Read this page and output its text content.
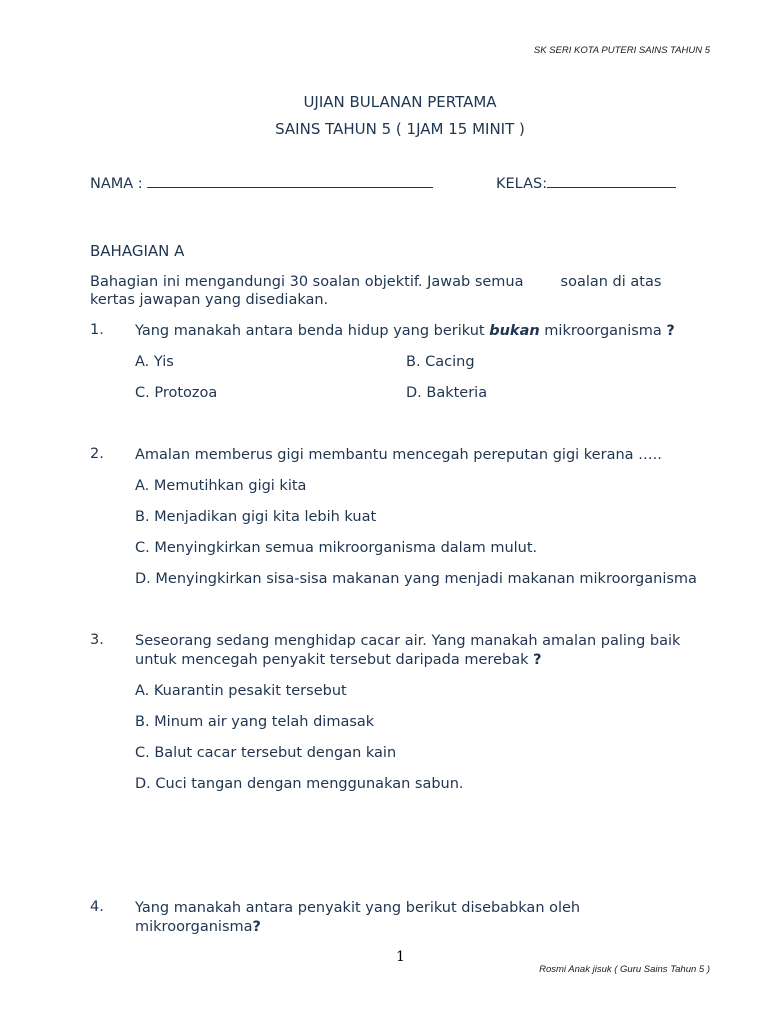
SK SERI KOTA PUTERI SAINS TAHUN 5
UJIAN BULANAN PERTAMA
SAINS TAHUN 5 ( 1JAM 15 MINIT )
NAMA :	KELAS:
BAHAGIAN A
Bahagian ini mengandungi 30 soalan objektif. Jawab semua	soalan di atas
kertas jawapan yang disediakan.
1. Yang manakah antara benda hidup yang berikut bukan mikroorganisma ?
A. Yis	B. Cacing
C. Protozoa	D. Bakteria
2. Amalan memberus gigi membantu mencegah pereputan gigi kerana …..
A. Memutihkan gigi kita
B. Menjadikan gigi kita lebih kuat
C. Menyingkirkan semua mikroorganisma dalam mulut.
D. Menyingkirkan sisa-sisa makanan yang menjadi makanan mikroorganisma
3. Seseorang sedang menghidap cacar air. Yang manakah amalan paling baik
untuk mencegah penyakit tersebut daripada merebak ?
A. Kuarantin pesakit tersebut
B. Minum air yang telah dimasak
C. Balut cacar tersebut dengan kain
D. Cuci tangan dengan menggunakan sabun.
4. Yang manakah antara penyakit yang berikut disebabkan oleh
mikroorganisma?
1
Rosmi Anak jisuk ( Guru Sains Tahun 5 )
